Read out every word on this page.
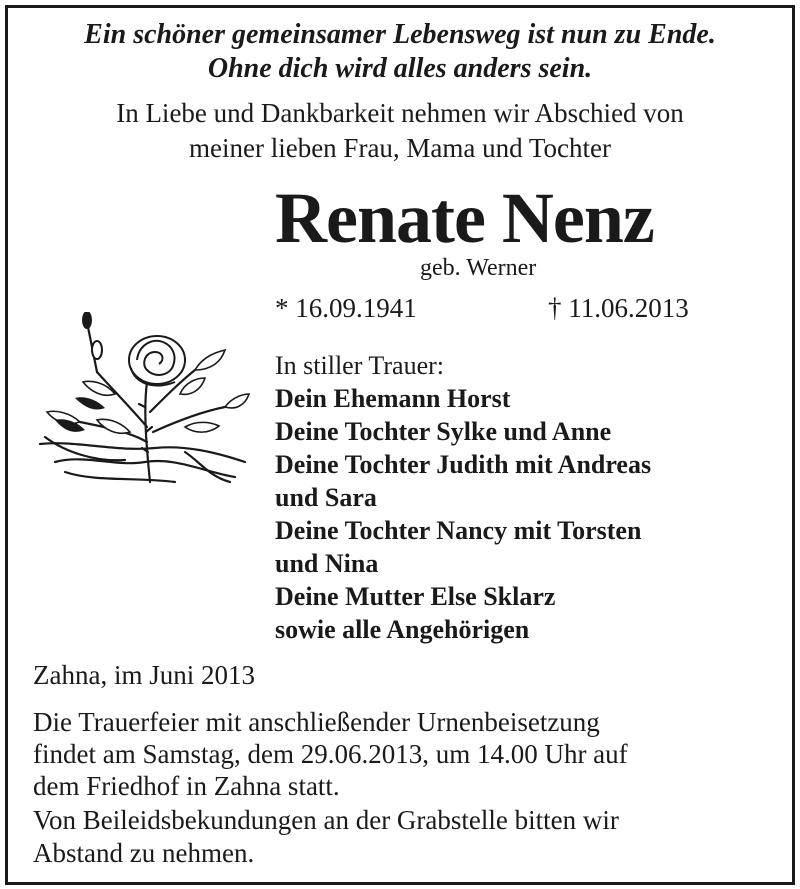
Ein schöner gemeinsamer Lebensweg ist nun zu Ende.
Ohne dich wird alles anders sein.
In Liebe und Dankbarkeit nehmen wir Abschied von
meiner lieben Frau, Mama und Tochter
Renate Nenz
geb. Werner
* 16.09.1941	† 11.06.2013
In stiller Trauer:
Dein Ehemann Horst
Deine Tochter Sylke und Anne
Deine Tochter Judith mit Andreas
und Sara
Deine Tochter Nancy mit Torsten
und Nina
Deine Mutter Else Sklarz
sowie alle Angehörigen
Zahna, im Juni 2013
Die Trauerfeier mit anschließender Urnenbeisetzung
findet am Samstag, dem 29.06.2013, um 14.00 Uhr auf
dem Friedhof in Zahna statt.
Von Beileidsbekundungen an der Grabstelle bitten wir
Abstand zu nehmen.
